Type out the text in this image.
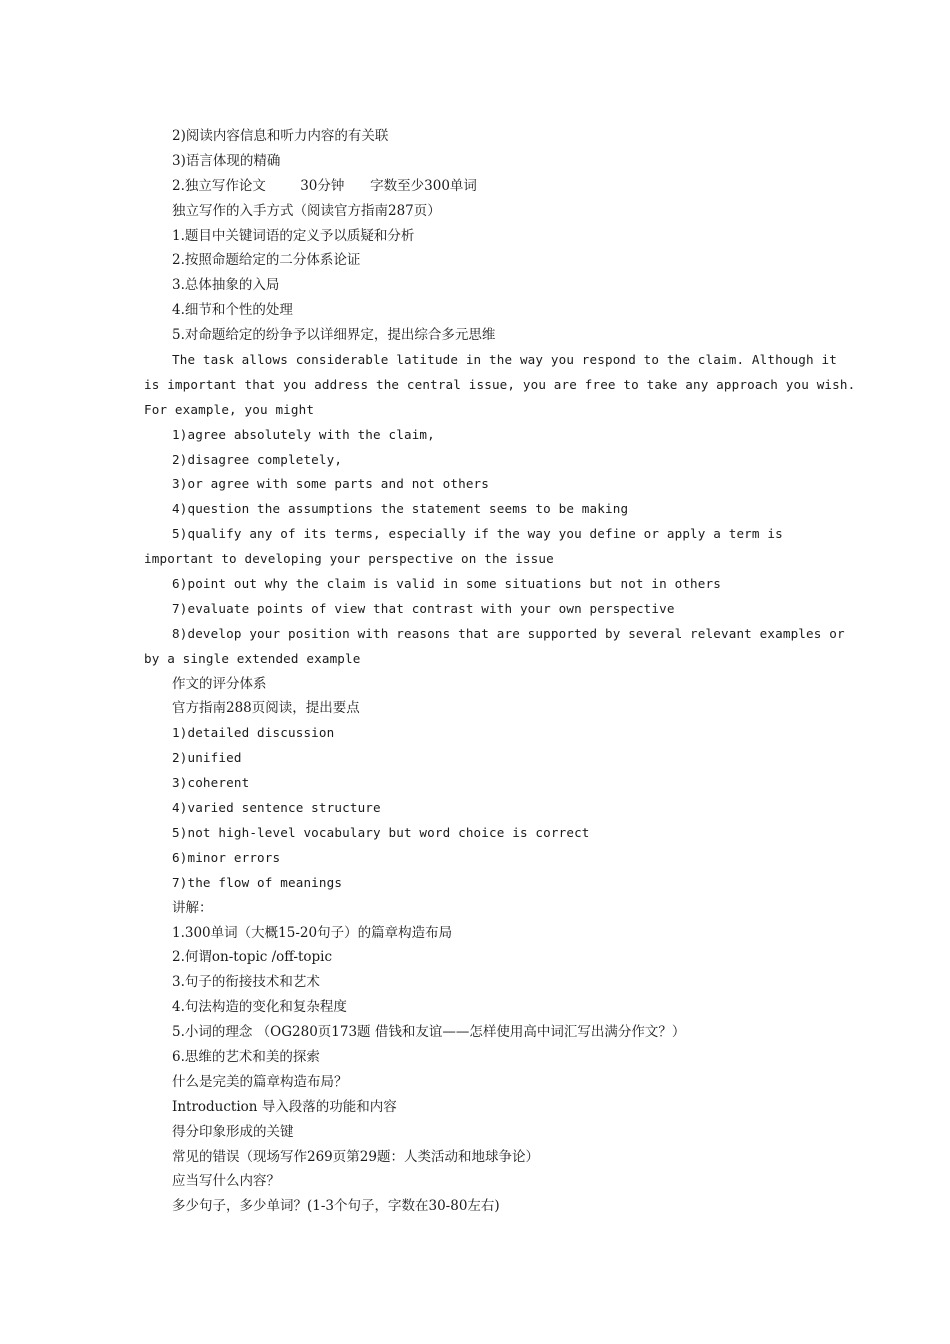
2)阅读内容信息和听力内容的有关联
3)语言体现的精确
2.独立写作论文        30分钟      字数至少300单词
独立写作的入手方式（阅读官方指南287页）
1.题目中关键词语的定义予以质疑和分析
2.按照命题给定的二分体系论证
3.总体抽象的入局
4.细节和个性的处理
5.对命题给定的纷争予以详细界定，提出综合多元思维
The task allows considerable latitude in the way you respond to the claim. Although it
is important that you address the central issue, you are free to take any approach you wish.
For example, you might
1)agree absolutely with the claim,
2)disagree completely,
3)or agree with some parts and not others
4)question the assumptions the statement seems to be making
5)qualify any of its terms, especially if the way you define or apply a term is
important to developing your perspective on the issue
6)point out why the claim is valid in some situations but not in others
7)evaluate points of view that contrast with your own perspective
8)develop your position with reasons that are supported by several relevant examples or
by a single extended example
作文的评分体系
官方指南288页阅读，提出要点
1)detailed discussion
2)unified
3)coherent
4)varied sentence structure
5)not high-level vocabulary but word choice is correct
6)minor errors
7)the flow of meanings
讲解：
1.300单词（大概15-20句子）的篇章构造布局
2.何谓on-topic /off-topic
3.句子的衔接技术和艺术
4.句法构造的变化和复杂程度
5.小词的理念 （OG280页173题 借钱和友谊——怎样使用高中词汇写出满分作文？）
6.思维的艺术和美的探索
什么是完美的篇章构造布局？
Introduction 导入段落的功能和内容
得分印象形成的关键
常见的错误（现场写作269页第29题：人类活动和地球争论）
应当写什么内容？
多少句子，多少单词？(1-3个句子，字数在30-80左右)
